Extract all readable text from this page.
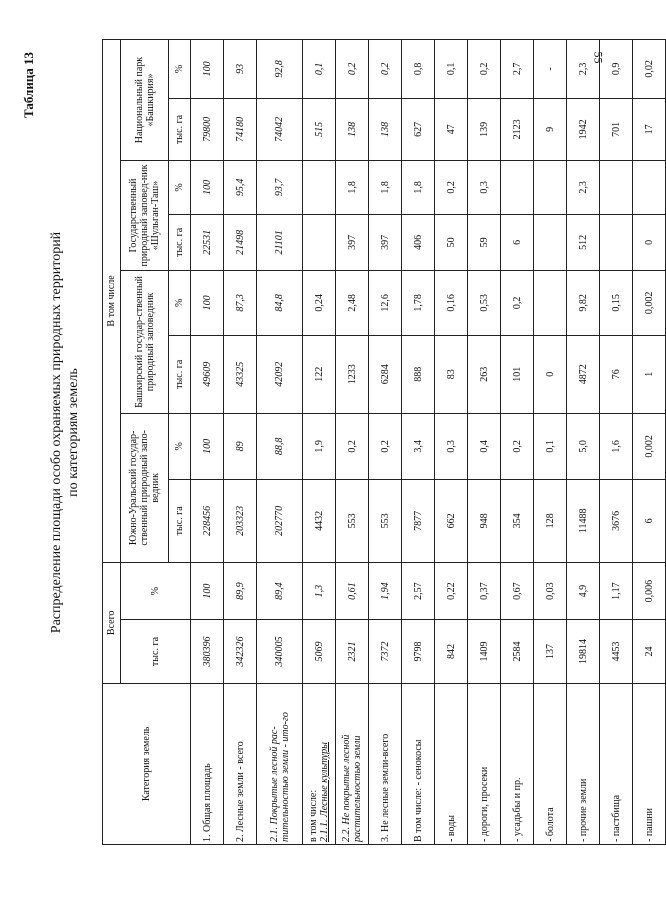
55
Таблица 13
Распределение площади особо охраняемых природных территорий по категориям земель
Категория земель	Всего		В том числе							
	тыс. га	%	Южно-Уральский государ-ственный природный запо-ведник		Башкирский государ-ственный природный заповедник		Государственный природный заповед-ник «Шульган-Таш»		Национальный парк «Башкирия»	
			тыс. га	%	тыс. га	%	тыс. га	%	тыс. га	%

1. Общая площадь	380396	100	228456	100	49609	100	22531	100	79800	100

2. Лесные земли - всего	342326	89,9	203323	89	43325	87,3	21498	95,4	74180	93

2.1. Покрытые лесной рас-тительностью земли - ито-го	340005	89,4	202770	88,8	42092	84,8	21101	93,7	74042	92,8

в том числе: 2.1.1. Лесные культуры	5069	1,3	4432	1,9	122	0,24			515	0,1

2.2. Не покрытые лесной растительностью земли	2321	0,61	553	0,2	1233	2,48	397	1,8	138	0,2

3. Не лесные земли-всего	7372	1,94	553	0,2	6284	12,6	397	1,8	138	0,2

В том числе: - сенокосы	9798	2,57	7877	3,4	888	1,78	406	1,8	627	0,8

- воды	842	0,22	662	0,3	83	0,16	50	0,2	47	0,1

- дороги, просеки	1409	0,37	948	0,4	263	0,53	59	0,3	139	0,2

- усадьбы и пр.	2584	0,67	354	0,2	101	0,2	6		2123	2,7

- болота	137	0,03	128	0,1	0				9	-

- прочие земли	19814	4,9	11488	5,0	4872	9,82	512	2,3	1942	2,3

- пастбища	4453	1,17	3676	1,6	76	0,15			701	0,9

- пашни	24	0,006	6	0,002	1	0,002	0		17	0,02
